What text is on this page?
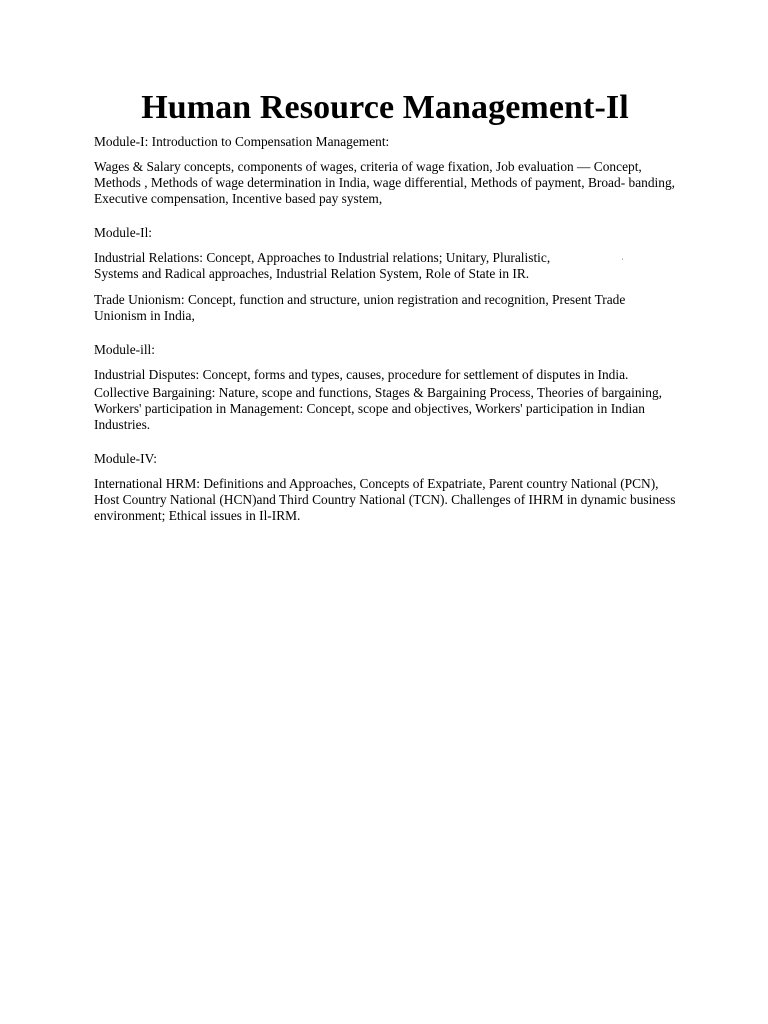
Human Resource Management-Il

Module-I: Introduction to Compensation Management:

Wages & Salary concepts, components of wages, criteria of wage fixation, Job evaluation — Concept, Methods , Methods of wage determination in India, wage differential, Methods of payment, Broad- banding, Executive compensation, Incentive based pay system,

Module-Il:

Industrial Relations: Concept, Approaches to Industrial relations; Unitary, Pluralistic, Systems and Radical approaches, Industrial Relation System, Role of State in IR.

Trade Unionism: Concept, function and structure, union registration and recognition, Present Trade Unionism in India,

Module-ill:

Industrial Disputes: Concept, forms and types, causes, procedure for settlement of disputes in India.

Collective Bargaining: Nature, scope and functions, Stages & Bargaining Process, Theories of bargaining, Workers' participation in Management: Concept, scope and objectives, Workers' participation in Indian Industries.

Module-IV:

International HRM: Definitions and Approaches, Concepts of Expatriate, Parent country National (PCN), Host Country National (HCN)and Third Country National (TCN). Challenges of IHRM in dynamic business environment; Ethical issues in Il-IRM.

˙
